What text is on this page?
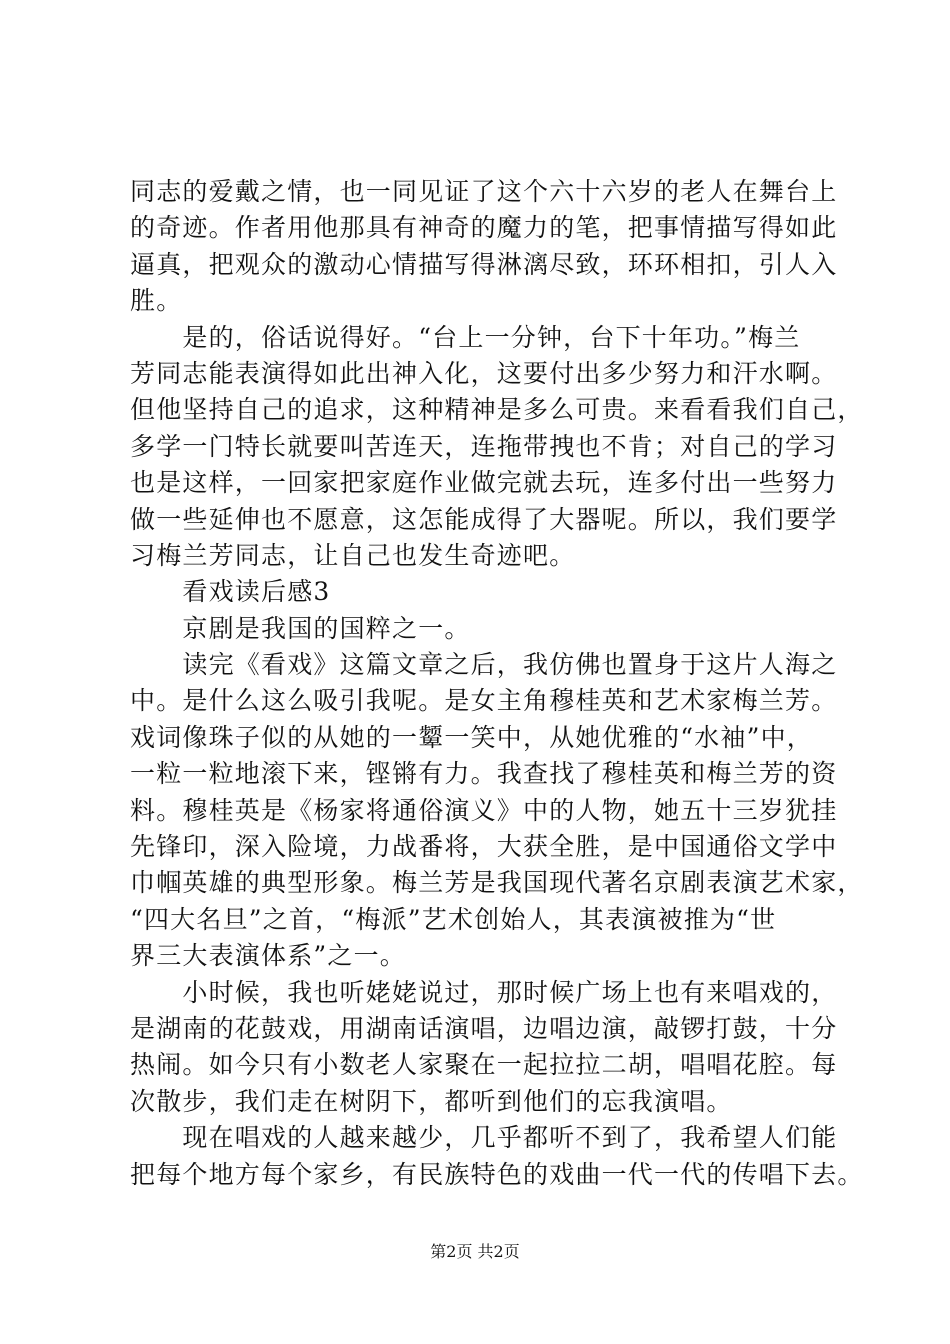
同志的爱戴之情，也一同见证了这个六十六岁的老人在舞台上
的奇迹。作者用他那具有神奇的魔力的笔，把事情描写得如此
逼真，把观众的激动心情描写得淋漓尽致，环环相扣，引人入
胜。
　　是的，俗话说得好。“台上一分钟，台下十年功。”梅兰
芳同志能表演得如此出神入化，这要付出多少努力和汗水啊。
但他坚持自己的追求，这种精神是多么可贵。来看看我们自己，
多学一门特长就要叫苦连天，连拖带拽也不肯；对自己的学习
也是这样，一回家把家庭作业做完就去玩，连多付出一些努力
做一些延伸也不愿意，这怎能成得了大器呢。所以，我们要学
习梅兰芳同志，让自己也发生奇迹吧。
　　看戏读后感3
　　京剧是我国的国粹之一。
　　读完《看戏》这篇文章之后，我仿佛也置身于这片人海之
中。是什么这么吸引我呢。是女主角穆桂英和艺术家梅兰芳。
戏词像珠子似的从她的一颦一笑中，从她优雅的“水袖”中，
一粒一粒地滚下来，铿锵有力。我查找了穆桂英和梅兰芳的资
料。穆桂英是《杨家将通俗演义》中的人物，她五十三岁犹挂
先锋印，深入险境，力战番将，大获全胜，是中国通俗文学中
巾帼英雄的典型形象。梅兰芳是我国现代著名京剧表演艺术家，
“四大名旦”之首，“梅派”艺术创始人，其表演被推为“世
界三大表演体系”之一。
　　小时候，我也听姥姥说过，那时候广场上也有来唱戏的，
是湖南的花鼓戏，用湖南话演唱，边唱边演，敲锣打鼓，十分
热闹。如今只有小数老人家聚在一起拉拉二胡，唱唱花腔。每
次散步，我们走在树阴下，都听到他们的忘我演唱。
　　现在唱戏的人越来越少，几乎都听不到了，我希望人们能
把每个地方每个家乡，有民族特色的戏曲一代一代的传唱下去。
第2页 共2页
